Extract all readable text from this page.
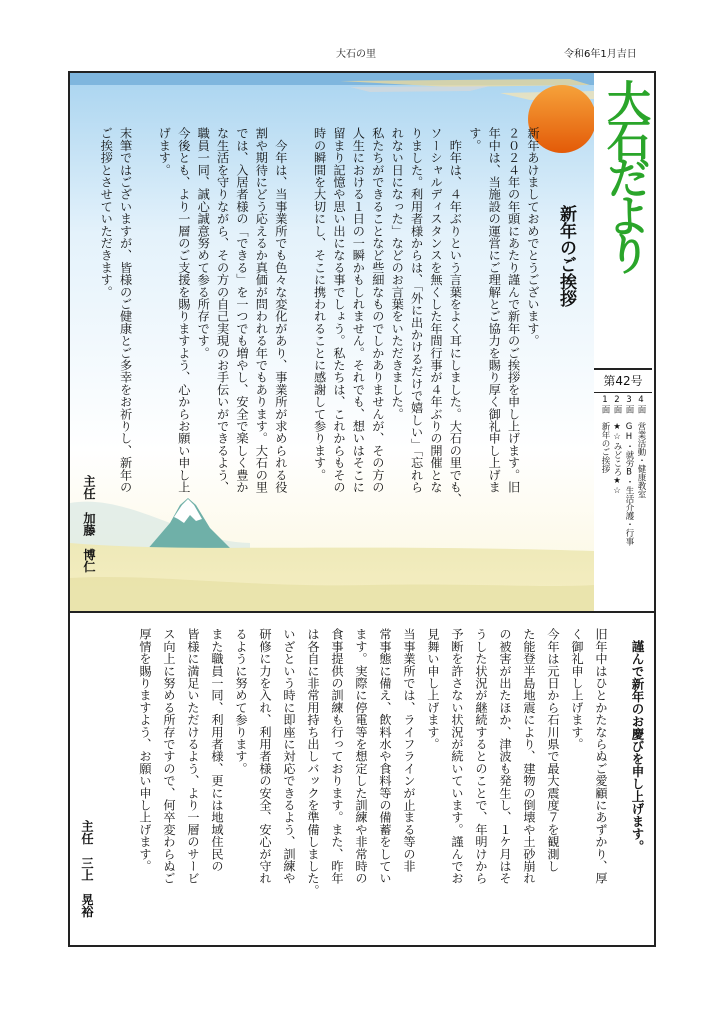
大石の里	令和6年1月吉日
大石だより
第42号
1面　新年のご挨拶 2面　★☆みどころ★☆ 3面　GH・就労B・生活介護・行事 4面　営業活動・健康教室
新年のご挨拶
新年あけましておめでとうございます。
２０２４年の年頭にあたり謹んで新年のご挨拶を申し上げます。旧
年中は、当施設の運営にご理解とご協力を賜り厚く御礼申し上げま
す。
　昨年は、４年ぶりという言葉をよく耳にしました。大石の里でも、
ソーシャルディスタンスを無くした年間行事が４年ぶりの開催とな
りました。利用者様からは、「外に出かけるだけで嬉しい」「忘れら
れない日になった」などのお言葉をいただきました。
私たちができることなど些細なものでしかありませんが、その方の
人生における１日の一瞬かもしれません。それでも、想いはそこに
留まり記憶や思い出になる事でしょう。私たちは、これからもその
時の瞬間を大切にし、そこに携われることに感謝して参ります。
　今年は、当事業所でも色々な変化があり、事業所が求められる役
割や期待にどう応えるか真価が問われる年でもあります。大石の里
では、入居者様の「できる」を一つでも増やし、安全で楽しく豊か
な生活を守りながら、その方の自己実現のお手伝いができるよう、
職員一同、誠心誠意努めて参る所存です。
今後とも、より一層のご支援を賜りますよう、心からお願い申し上
げます。
末筆ではございますが、皆様のご健康とご多幸をお祈りし、新年の
ご挨拶とさせていただきます。
主任　加藤　博仁
謹んで新年のお慶びを申し上げます。
旧年中はひとかたならぬご愛顧にあずかり、厚
く御礼申し上げます。
今年は元日から石川県で最大震度７を観測し
た能登半島地震により、建物の倒壊や土砂崩れ
の被害が出たほか、津波も発生し、１ケ月はそ
うした状況が継続するとのことで、年明けから
予断を許さない状況が続いています。謹んでお
見舞い申し上げます。
当事業所では、ライフラインが止まる等の非
常事態に備え、飲料水や食料等の備蓄をしてい
ます。実際に停電等を想定した訓練や非常時の
食事提供の訓練も行っております。また、昨年
は各自に非常用持ち出しバックを準備しました。
いざという時に即座に対応できるよう、訓練や
研修に力を入れ、利用者様の安全、安心が守れ
るように努めて参ります。
また職員一同、利用者様、更には地域住民の
皆様に満足いただけるよう、より一層のサービ
ス向上に努める所存ですので、何卒変わらぬご
厚情を賜りますよう、お願い申し上げます。
主任　三上　晃裕
